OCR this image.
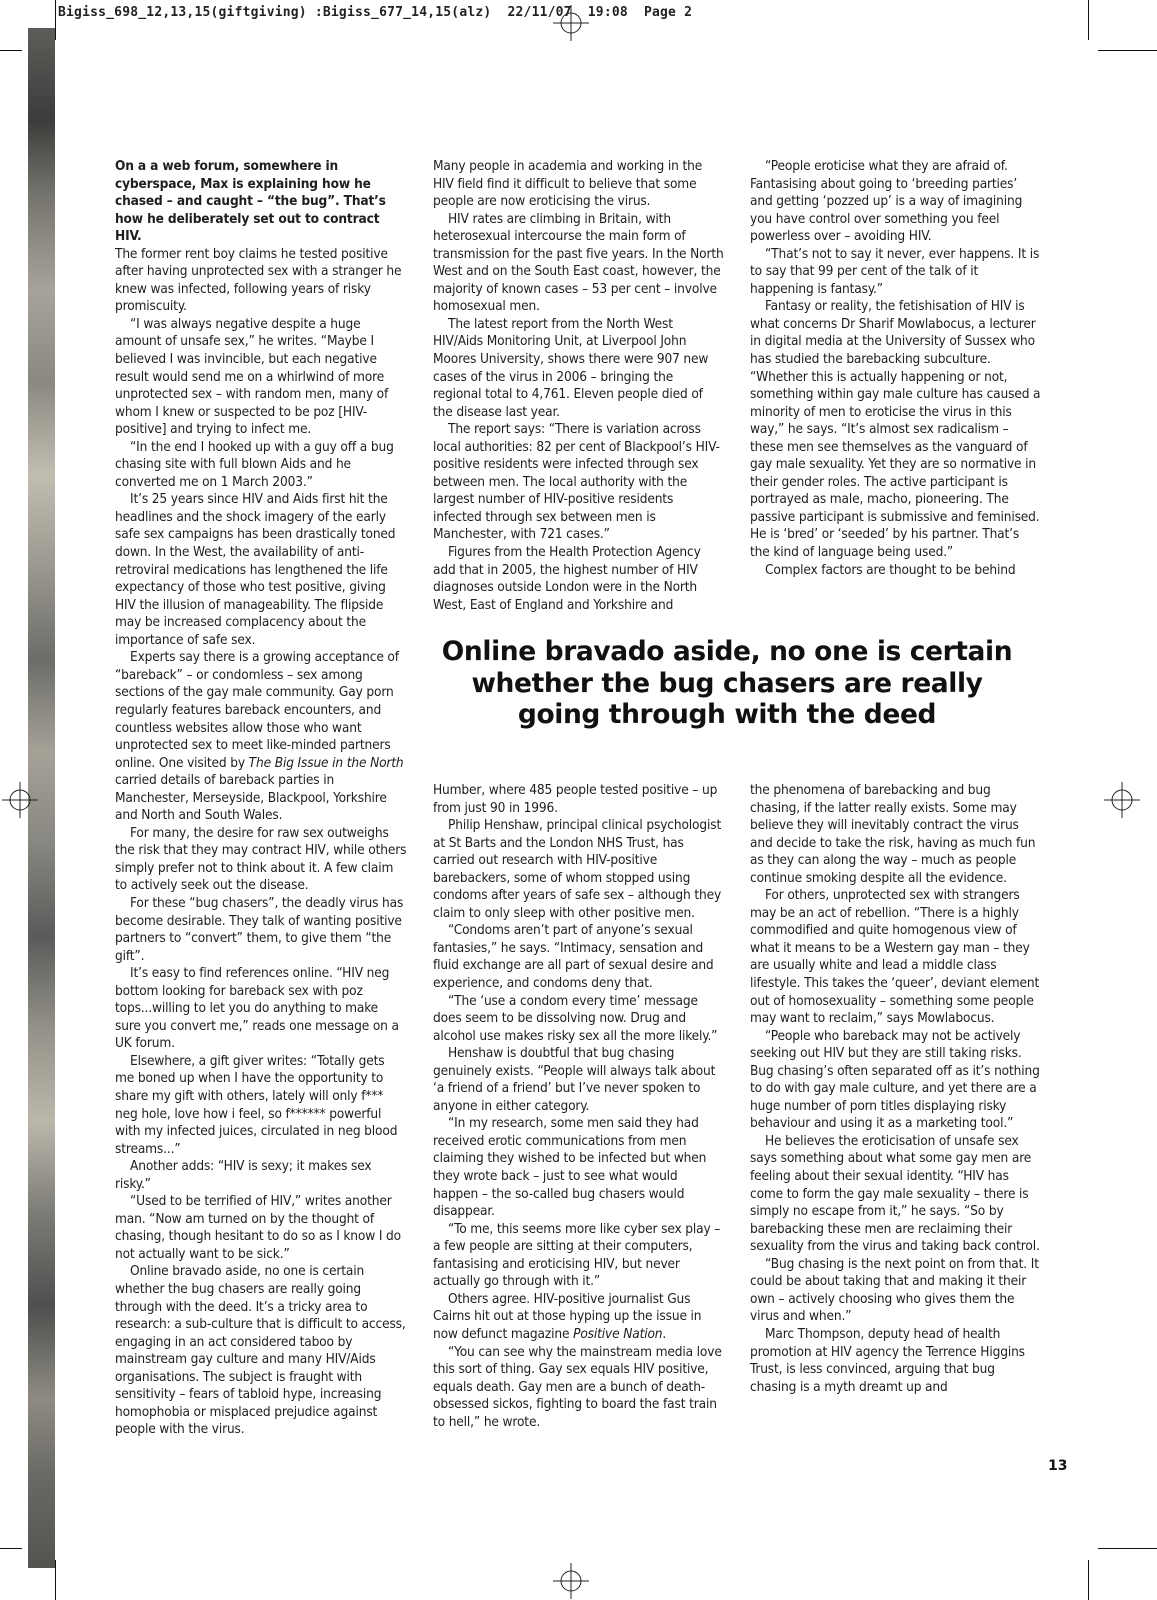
Bigiss_698_12,13,15(giftgiving) :Bigiss_677_14,15(alz)  22/11/07  19:08  Page 2

On a a web forum, somewhere in cyberspace, Max is explaining how he chased – and caught – “the bug”. That’s how he deliberately set out to contract HIV.

The former rent boy claims he tested positive after having unprotected sex with a stranger he knew was infected, following years of risky promiscuity.

“I was always negative despite a huge amount of unsafe sex,” he writes. “Maybe I believed I was invincible, but each negative result would send me on a whirlwind of more unprotected sex – with random men, many of whom I knew or suspected to be poz [HIV-positive] and trying to infect me.

“In the end I hooked up with a guy off a bug chasing site with full blown Aids and he converted me on 1 March 2003.”

It’s 25 years since HIV and Aids first hit the headlines and the shock imagery of the early safe sex campaigns has been drastically toned down. In the West, the availability of anti-retroviral medications has lengthened the life expectancy of those who test positive, giving HIV the illusion of manageability. The flipside may be increased complacency about the importance of safe sex.

Experts say there is a growing acceptance of “bareback” – or condomless – sex among sections of the gay male community. Gay porn regularly features bareback encounters, and countless websites allow those who want unprotected sex to meet like-minded partners online. One visited by The Big Issue in the North carried details of bareback parties in Manchester, Merseyside, Blackpool, Yorkshire and North and South Wales.

For many, the desire for raw sex outweighs the risk that they may contract HIV, while others simply prefer not to think about it. A few claim to actively seek out the disease.

For these “bug chasers”, the deadly virus has become desirable. They talk of wanting positive partners to “convert” them, to give them “the gift”.

It’s easy to find references online. “HIV neg bottom looking for bareback sex with poz tops...willing to let you do anything to make sure you convert me,” reads one message on a UK forum.

Elsewhere, a gift giver writes: “Totally gets me boned up when I have the opportunity to share my gift with others, lately will only f*** neg hole, love how i feel, so f****** powerful with my infected juices, circulated in neg blood streams...”

Another adds: “HIV is sexy; it makes sex risky.”

“Used to be terrified of HIV,” writes another man. “Now am turned on by the thought of chasing, though hesitant to do so as I know I do not actually want to be sick.”

Online bravado aside, no one is certain whether the bug chasers are really going through with the deed. It’s a tricky area to research: a sub-culture that is difficult to access, engaging in an act considered taboo by mainstream gay culture and many HIV/Aids organisations. The subject is fraught with sensitivity – fears of tabloid hype, increasing homophobia or misplaced prejudice against people with the virus.

Many people in academia and working in the HIV field find it difficult to believe that some people are now eroticising the virus.

HIV rates are climbing in Britain, with heterosexual intercourse the main form of transmission for the past five years. In the North West and on the South East coast, however, the majority of known cases – 53 per cent – involve homosexual men.

The latest report from the North West HIV/Aids Monitoring Unit, at Liverpool John Moores University, shows there were 907 new cases of the virus in 2006 – bringing the regional total to 4,761. Eleven people died of the disease last year.

The report says: “There is variation across local authorities: 82 per cent of Blackpool’s HIV-positive residents were infected through sex between men. The local authority with the largest number of HIV-positive residents infected through sex between men is Manchester, with 721 cases.”

Figures from the Health Protection Agency add that in 2005, the highest number of HIV diagnoses outside London were in the North West, East of England and Yorkshire and

“People eroticise what they are afraid of. Fantasising about going to ‘breeding parties’ and getting ‘pozzed up’ is a way of imagining you have control over something you feel powerless over – avoiding HIV.

“That’s not to say it never, ever happens. It is to say that 99 per cent of the talk of it happening is fantasy.”

Fantasy or reality, the fetishisation of HIV is what concerns Dr Sharif Mowlabocus, a lecturer in digital media at the University of Sussex who has studied the barebacking subculture. “Whether this is actually happening or not, something within gay male culture has caused a minority of men to eroticise the virus in this way,” he says. “It’s almost sex radicalism – these men see themselves as the vanguard of gay male sexuality. Yet they are so normative in their gender roles. The active participant is portrayed as male, macho, pioneering. The passive participant is submissive and feminised. He is ‘bred’ or ‘seeded’ by his partner. That’s the kind of language being used.”

Complex factors are thought to be behind

Online bravado aside, no one is certain whether the bug chasers are really going through with the deed

Humber, where 485 people tested positive – up from just 90 in 1996.

Philip Henshaw, principal clinical psychologist at St Barts and the London NHS Trust, has carried out research with HIV-positive barebackers, some of whom stopped using condoms after years of safe sex – although they claim to only sleep with other positive men.

“Condoms aren’t part of anyone’s sexual fantasies,” he says. “Intimacy, sensation and fluid exchange are all part of sexual desire and experience, and condoms deny that.

“The ‘use a condom every time’ message does seem to be dissolving now. Drug and alcohol use makes risky sex all the more likely.”

Henshaw is doubtful that bug chasing genuinely exists. “People will always talk about ‘a friend of a friend’ but I’ve never spoken to anyone in either category.

“In my research, some men said they had received erotic communications from men claiming they wished to be infected but when they wrote back – just to see what would happen – the so-called bug chasers would disappear.

“To me, this seems more like cyber sex play – a few people are sitting at their computers, fantasising and eroticising HIV, but never actually go through with it.”

Others agree. HIV-positive journalist Gus Cairns hit out at those hyping up the issue in now defunct magazine Positive Nation.

“You can see why the mainstream media love this sort of thing. Gay sex equals HIV positive, equals death. Gay men are a bunch of death-obsessed sickos, fighting to board the fast train to hell,” he wrote.

the phenomena of barebacking and bug chasing, if the latter really exists. Some may believe they will inevitably contract the virus and decide to take the risk, having as much fun as they can along the way – much as people continue smoking despite all the evidence.

For others, unprotected sex with strangers may be an act of rebellion. “There is a highly commodified and quite homogenous view of what it means to be a Western gay man – they are usually white and lead a middle class lifestyle. This takes the ‘queer’, deviant element out of homosexuality – something some people may want to reclaim,” says Mowlabocus.

“People who bareback may not be actively seeking out HIV but they are still taking risks. Bug chasing’s often separated off as it’s nothing to do with gay male culture, and yet there are a huge number of porn titles displaying risky behaviour and using it as a marketing tool.”

He believes the eroticisation of unsafe sex says something about what some gay men are feeling about their sexual identity. “HIV has come to form the gay male sexuality – there is simply no escape from it,” he says. “So by barebacking these men are reclaiming their sexuality from the virus and taking back control.

“Bug chasing is the next point on from that. It could be about taking that and making it their own – actively choosing who gives them the virus and when.”

Marc Thompson, deputy head of health promotion at HIV agency the Terrence Higgins Trust, is less convinced, arguing that bug chasing is a myth dreamt up and

13
